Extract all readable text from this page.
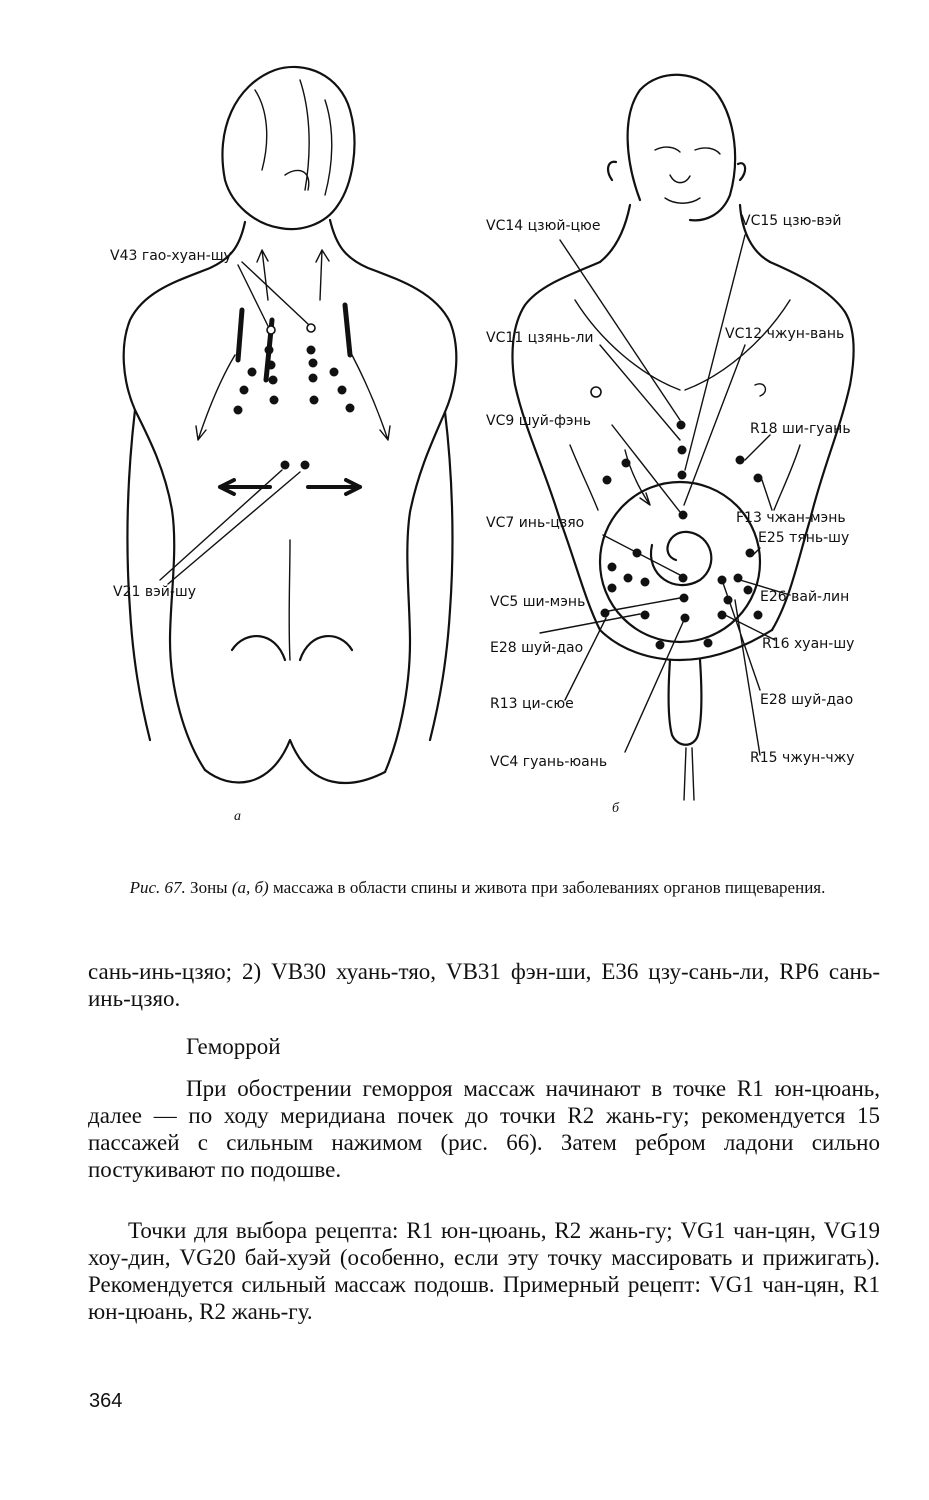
V43 гао-хуан-шу
V21 вэй-шу
а
VC14 цзюй-цюе	VC15 цзю-вэй
VC11 цзянь-ли	VC12 чжун-вань
VC9 шуй-фэнь	R18 ши-гуань
F13 чжан-мэнь
VC7 инь-цзяо
E25 тянь-шу
E26 вай-лин
VC5 ши-мэнь
R16 хуан-шу
E28 шуй-дао
E28 шуй-дао
R13 ци-сюе
R15 чжун-чжу
VC4 гуань-юань
б
Рис. 67. Зоны (а, б) массажа в области спины и живота при заболеваниях органов пищеварения.
сань-инь-цзяо; 2) VB30 хуань-тяо, VB31 фэн-ши, E36 цзу-сань-ли, RP6 сань-инь-цзяо.
Геморрой
При обострении геморроя массаж начинают в точке R1 юн-цюань, далее — по ходу меридиана почек до точки R2 жань-гу; рекомендуется 15 пассажей с сильным нажимом (рис. 66). Затем ребром ладони сильно постукивают по подошве.
Точки для выбора рецепта: R1 юн-цюань, R2 жань-гу; VG1 чан-цян, VG19 хоу-дин, VG20 бай-хуэй (особенно, если эту точку массировать и прижигать). Рекомендуется сильный массаж подошв. Примерный рецепт: VG1 чан-цян, R1 юн-цюань, R2 жань-гу.
364
